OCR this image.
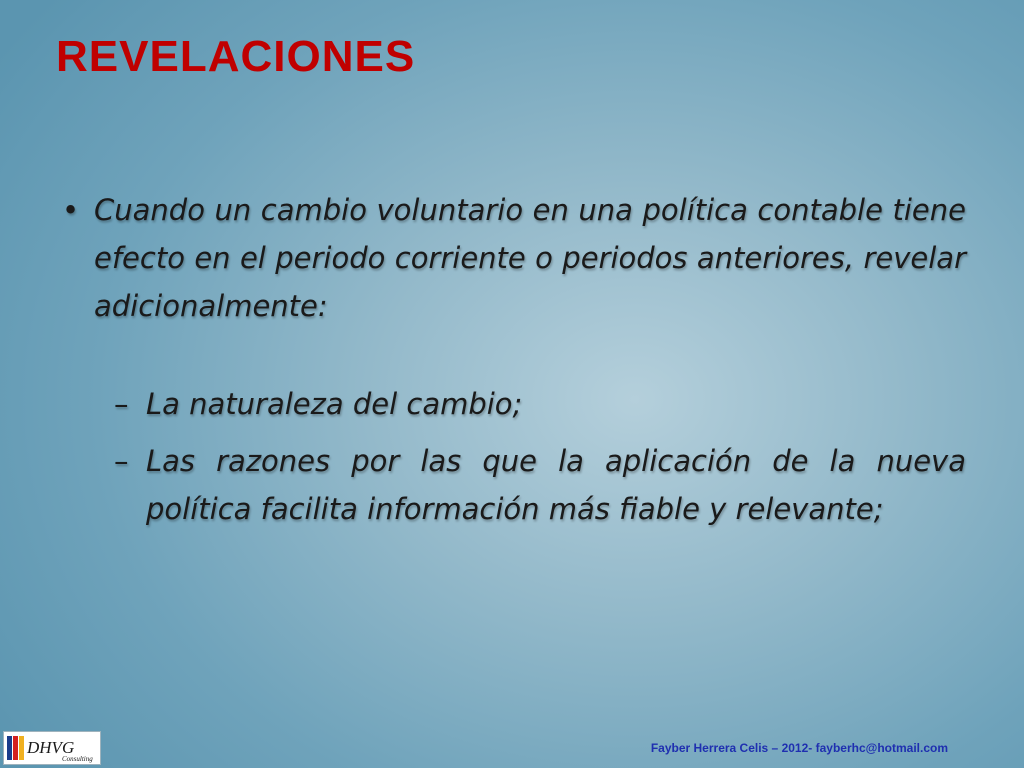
REVELACIONES
• Cuando un cambio voluntario en una política contable tiene efecto en el periodo corriente o periodos anteriores, revelar adicionalmente:
– La naturaleza del cambio;
– Las razones por las que la aplicación de la nueva política facilita información más fiable y relevante;
DHVG
Consulting
Fayber Herrera Celis – 2012- fayberhc@hotmail.com
